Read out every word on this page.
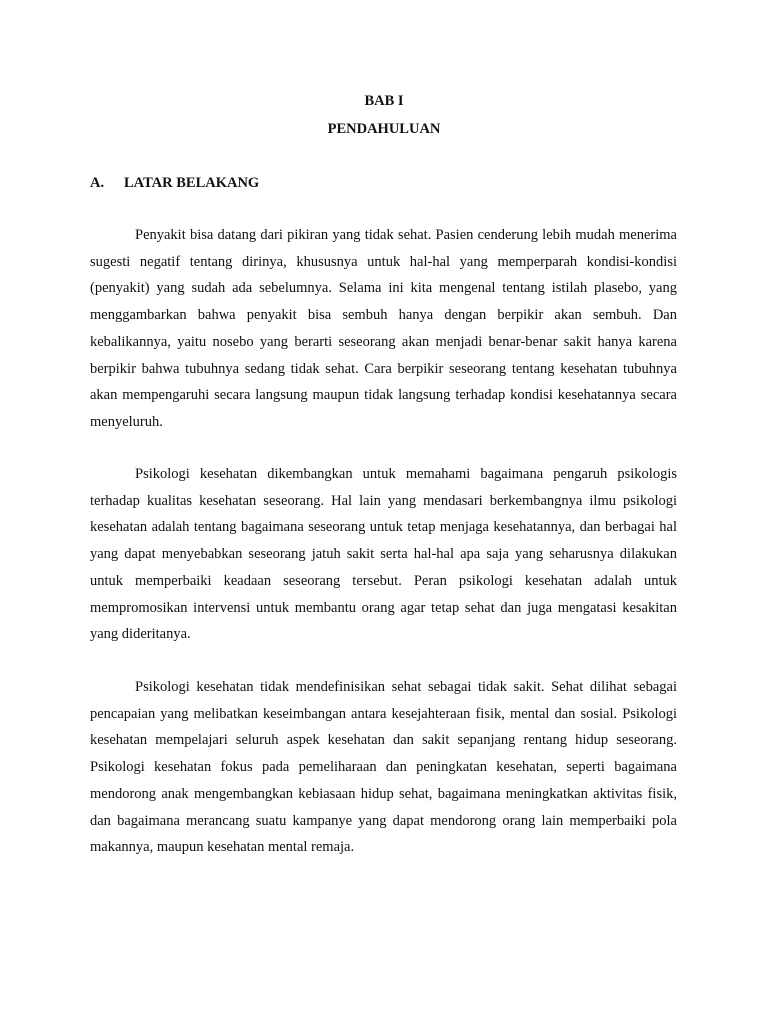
BAB I
PENDAHULUAN
A. LATAR BELAKANG

Penyakit bisa datang dari pikiran yang tidak sehat. Pasien cenderung lebih mudah menerima sugesti negatif tentang dirinya, khususnya untuk hal-hal yang memperparah kondisi-kondisi (penyakit) yang sudah ada sebelumnya. Selama ini kita mengenal tentang istilah plasebo, yang menggambarkan bahwa penyakit bisa sembuh hanya dengan berpikir akan sembuh. Dan kebalikannya, yaitu nosebo yang berarti seseorang akan menjadi benar-benar sakit hanya karena berpikir bahwa tubuhnya sedang tidak sehat. Cara berpikir seseorang tentang kesehatan tubuhnya akan mempengaruhi secara langsung maupun tidak langsung terhadap kondisi kesehatannya secara menyeluruh.

Psikologi kesehatan dikembangkan untuk memahami bagaimana pengaruh psikologis terhadap kualitas kesehatan seseorang. Hal lain yang mendasari berkembangnya ilmu psikologi kesehatan adalah tentang bagaimana seseorang untuk tetap menjaga kesehatannya, dan berbagai hal yang dapat menyebabkan seseorang jatuh sakit serta hal-hal apa saja yang seharusnya dilakukan untuk memperbaiki keadaan seseorang tersebut. Peran psikologi kesehatan adalah untuk mempromosikan intervensi untuk membantu orang agar tetap sehat dan juga mengatasi kesakitan yang dideritanya.

Psikologi kesehatan tidak mendefinisikan sehat sebagai tidak sakit. Sehat dilihat sebagai pencapaian yang melibatkan keseimbangan antara kesejahteraan fisik, mental dan sosial. Psikologi kesehatan mempelajari seluruh aspek kesehatan dan sakit sepanjang rentang hidup seseorang. Psikologi kesehatan fokus pada pemeliharaan dan peningkatan kesehatan, seperti bagaimana mendorong anak mengembangkan kebiasaan hidup sehat, bagaimana meningkatkan aktivitas fisik, dan bagaimana merancang suatu kampanye yang dapat mendorong orang lain memperbaiki pola makannya, maupun kesehatan mental remaja.
